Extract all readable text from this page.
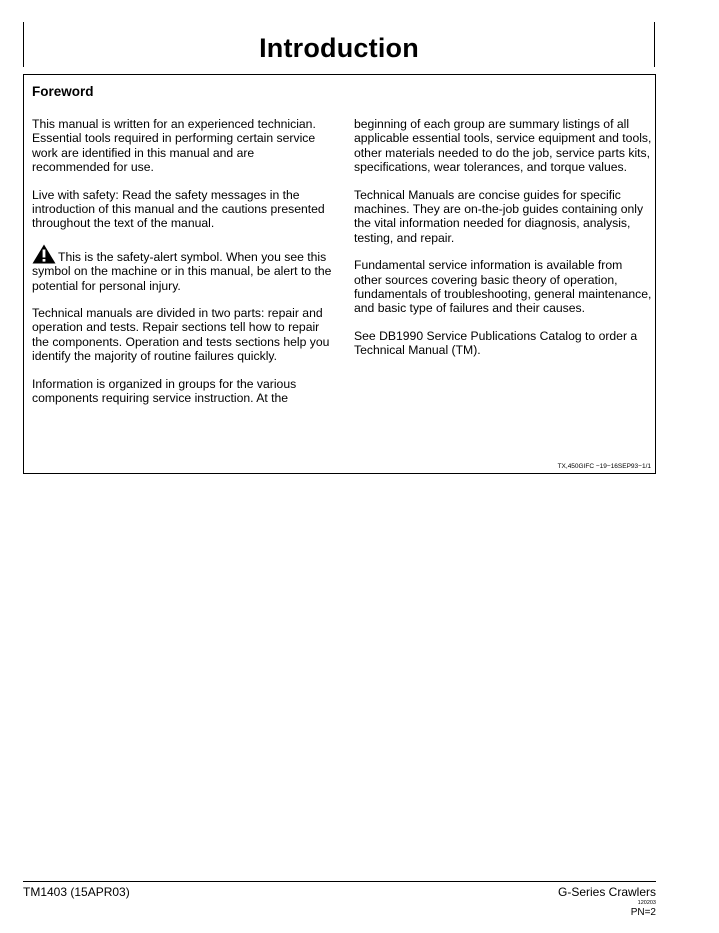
Introduction
Foreword

This manual is written for an experienced technician. Essential tools required in performing certain service work are identified in this manual and are recommended for use.

Live with safety: Read the safety messages in the introduction of this manual and the cautions presented throughout the text of the manual.

This is the safety-alert symbol. When you see this symbol on the machine or in this manual, be alert to the potential for personal injury.

Technical manuals are divided in two parts: repair and operation and tests. Repair sections tell how to repair the components. Operation and tests sections help you identify the majority of routine failures quickly.

Information is organized in groups for the various components requiring service instruction. At the

beginning of each group are summary listings of all applicable essential tools, service equipment and tools, other materials needed to do the job, service parts kits, specifications, wear tolerances, and torque values.

Technical Manuals are concise guides for specific machines. They are on-the-job guides containing only the vital information needed for diagnosis, analysis, testing, and repair.

Fundamental service information is available from other sources covering basic theory of operation, fundamentals of troubleshooting, general maintenance, and basic type of failures and their causes.

See DB1990 Service Publications Catalog to order a Technical Manual (TM).

TX,450GIFC −19−16SEP93−1/1
TM1403 (15APR03)	G-Series Crawlers
120203
PN=2
